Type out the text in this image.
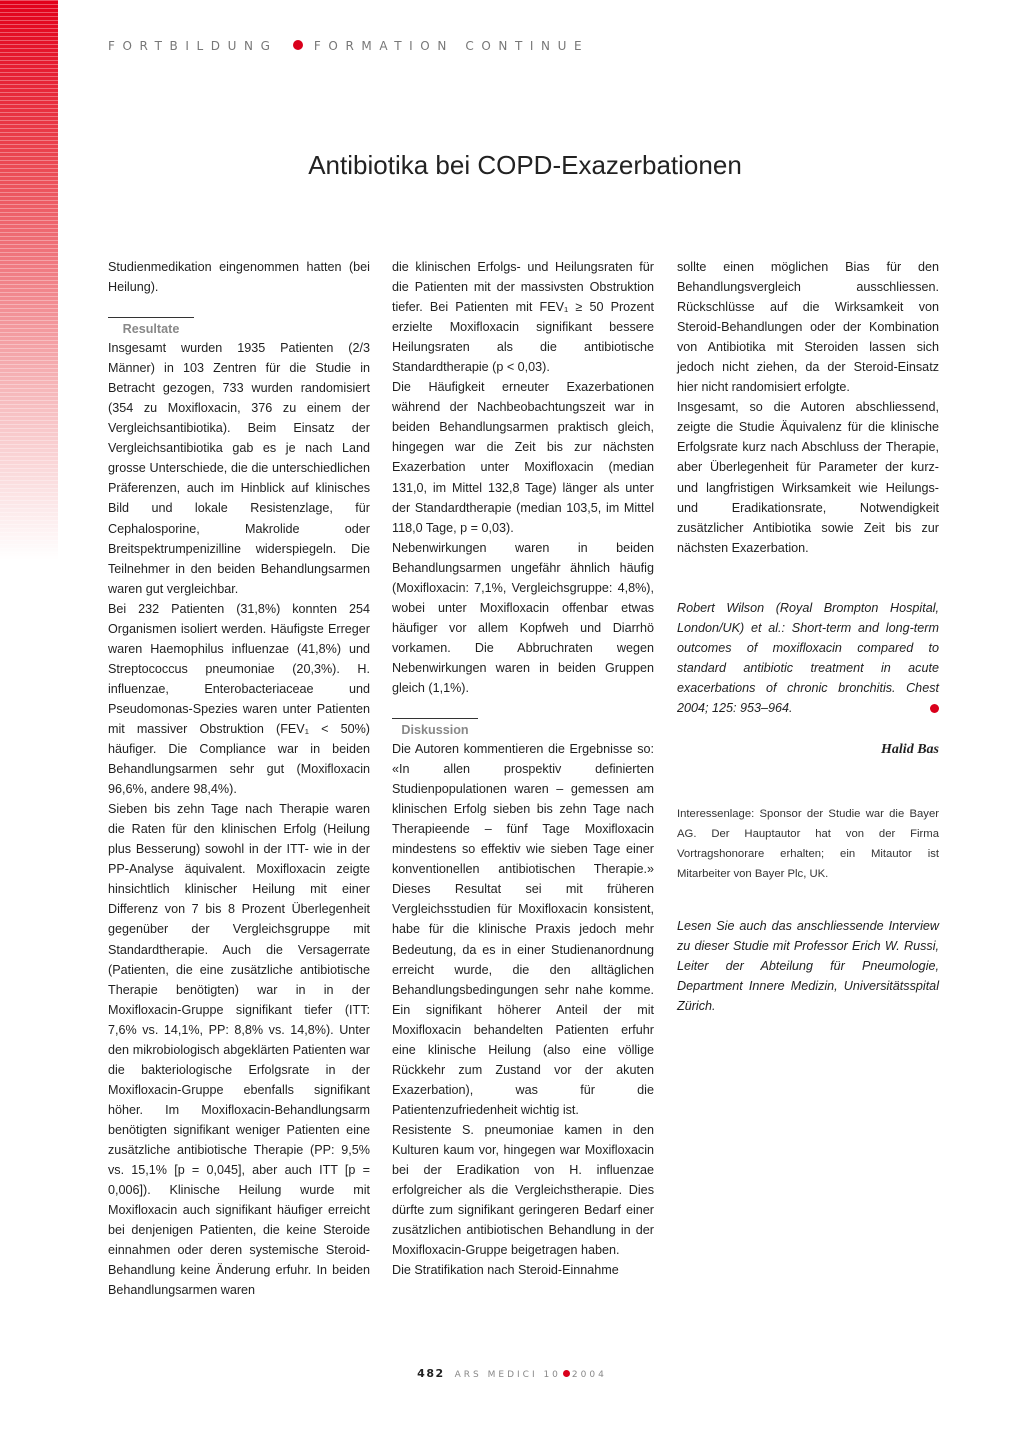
FORTBILDUNG	FORMATION CONTINUE
Antibiotika bei COPD-Exazerbationen

Studienmedikation eingenommen hatten (bei Heilung).

Resultate

Insgesamt wurden 1935 Patienten (2/3 Männer) in 103 Zentren für die Studie in Betracht gezogen, 733 wurden randomisiert (354 zu Moxifloxacin, 376 zu einem der Vergleichsantibiotika). Beim Einsatz der Vergleichsantibiotika gab es je nach Land grosse Unterschiede, die die unterschiedlichen Präferenzen, auch im Hinblick auf klinisches Bild und lokale Resistenzlage, für Cephalosporine, Makrolide oder Breitspektrumpenizilline widerspiegeln. Die Teilnehmer in den beiden Behandlungsarmen waren gut vergleichbar.

Bei 232 Patienten (31,8%) konnten 254 Organismen isoliert werden. Häufigste Erreger waren Haemophilus influenzae (41,8%) und Streptococcus pneumoniae (20,3%). H. influenzae, Enterobacteriaceae und Pseudomonas-Spezies waren unter Patienten mit massiver Obstruktion (FEV₁ < 50%) häufiger. Die Compliance war in beiden Behandlungsarmen sehr gut (Moxifloxacin 96,6%, andere 98,4%).

Sieben bis zehn Tage nach Therapie waren die Raten für den klinischen Erfolg (Heilung plus Besserung) sowohl in der ITT- wie in der PP-Analyse äquivalent. Moxifloxacin zeigte hinsichtlich klinischer Heilung mit einer Differenz von 7 bis 8 Prozent Überlegenheit gegenüber der Vergleichsgruppe mit Standardtherapie. Auch die Versagerrate (Patienten, die eine zusätzliche antibiotische Therapie benötigten) war in in der Moxifloxacin-Gruppe signifikant tiefer (ITT: 7,6% vs. 14,1%, PP: 8,8% vs. 14,8%). Unter den mikrobiologisch abgeklärten Patienten war die bakteriologische Erfolgsrate in der Moxifloxacin-Gruppe ebenfalls signifikant höher. Im Moxifloxacin-Behandlungsarm benötigten signifikant weniger Patienten eine zusätzliche antibiotische Therapie (PP: 9,5% vs. 15,1% [p = 0,045], aber auch ITT [p = 0,006]). Klinische Heilung wurde mit Moxifloxacin auch signifikant häufiger erreicht bei denjenigen Patienten, die keine Steroide einnahmen oder deren systemische Steroid-Behandlung keine Änderung erfuhr. In beiden Behandlungsarmen waren

die klinischen Erfolgs- und Heilungsraten für die Patienten mit der massivsten Obstruktion tiefer. Bei Patienten mit FEV₁ ≥ 50 Prozent erzielte Moxifloxacin signifikant bessere Heilungsraten als die antibiotische Standardtherapie (p < 0,03).

Die Häufigkeit erneuter Exazerbationen während der Nachbeobachtungszeit war in beiden Behandlungsarmen praktisch gleich, hingegen war die Zeit bis zur nächsten Exazerbation unter Moxifloxacin (median 131,0, im Mittel 132,8 Tage) länger als unter der Standardtherapie (median 103,5, im Mittel 118,0 Tage, p = 0,03).

Nebenwirkungen waren in beiden Behandlungsarmen ungefähr ähnlich häufig (Moxifloxacin: 7,1%, Vergleichsgruppe: 4,8%), wobei unter Moxifloxacin offenbar etwas häufiger vor allem Kopfweh und Diarrhö vorkamen. Die Abbruchraten wegen Nebenwirkungen waren in beiden Gruppen gleich (1,1%).

Diskussion

Die Autoren kommentieren die Ergebnisse so: «In allen prospektiv definierten Studienpopulationen waren – gemessen am klinischen Erfolg sieben bis zehn Tage nach Therapieende – fünf Tage Moxifloxacin mindestens so effektiv wie sieben Tage einer konventionellen antibiotischen Therapie.» Dieses Resultat sei mit früheren Vergleichsstudien für Moxifloxacin konsistent, habe für die klinische Praxis jedoch mehr Bedeutung, da es in einer Studienanordnung erreicht wurde, die den alltäglichen Behandlungsbedingungen sehr nahe komme. Ein signifikant höherer Anteil der mit Moxifloxacin behandelten Patienten erfuhr eine klinische Heilung (also eine völlige Rückkehr zum Zustand vor der akuten Exazerbation), was für die Patientenzufriedenheit wichtig ist.

Resistente S. pneumoniae kamen in den Kulturen kaum vor, hingegen war Moxifloxacin bei der Eradikation von H. influenzae erfolgreicher als die Vergleichstherapie. Dies dürfte zum signifikant geringeren Bedarf einer zusätzlichen antibiotischen Behandlung in der Moxifloxacin-Gruppe beigetragen haben.

Die Stratifikation nach Steroid-Einnahme

sollte einen möglichen Bias für den Behandlungsvergleich ausschliessen. Rückschlüsse auf die Wirksamkeit von Steroid-Behandlungen oder der Kombination von Antibiotika mit Steroiden lassen sich jedoch nicht ziehen, da der Steroid-Einsatz hier nicht randomisiert erfolgte.

Insgesamt, so die Autoren abschliessend, zeigte die Studie Äquivalenz für die klinische Erfolgsrate kurz nach Abschluss der Therapie, aber Überlegenheit für Parameter der kurz- und langfristigen Wirksamkeit wie Heilungs- und Eradikationsrate, Notwendigkeit zusätzlicher Antibiotika sowie Zeit bis zur nächsten Exazerbation.

Robert Wilson (Royal Brompton Hospital, London/UK) et al.: Short-term and long-term outcomes of moxifloxacin compared to standard antibiotic treatment in acute exacerbations of chronic bronchitis. Chest 2004; 125: 953–964.

Halid Bas

Interessenlage: Sponsor der Studie war die Bayer AG. Der Hauptautor hat von der Firma Vortragshonorare erhalten; ein Mitautor ist Mitarbeiter von Bayer Plc, UK.

Lesen Sie auch das anschliessende Interview zu dieser Studie mit Professor Erich W. Russi, Leiter der Abteilung für Pneumologie, Department Innere Medizin, Universitätsspital Zürich.

482 ARS MEDICI 10 2004
